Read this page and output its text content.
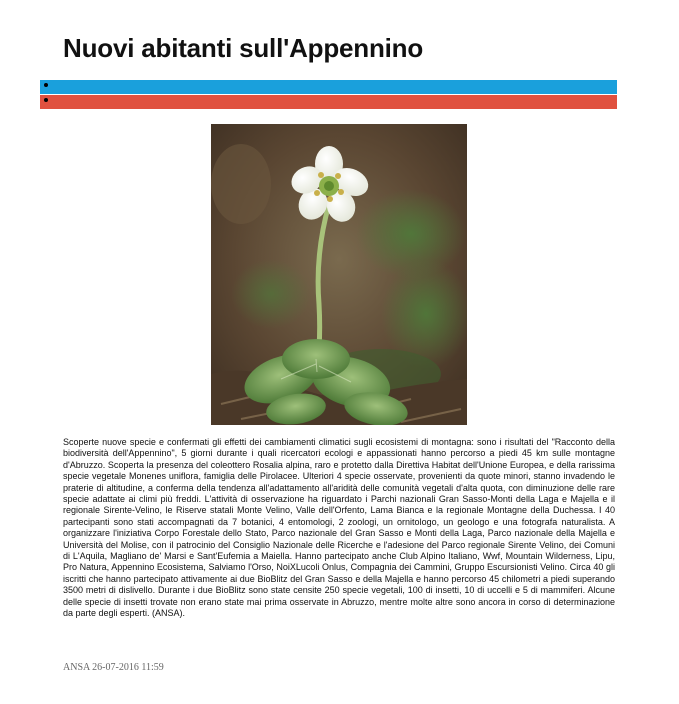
Nuovi abitanti sull'Appennino

Scoperte nuove specie e confermati gli effetti dei cambiamenti climatici sugli ecosistemi di montagna: sono i risultati del "Racconto della biodiversità dell'Appennino", 5 giorni durante i quali ricercatori ecologi e appassionati hanno percorso a piedi 45 km sulle montagne d'Abruzzo. Scoperta la presenza del coleottero Rosalia alpina, raro e protetto dalla Direttiva Habitat dell'Unione Europea, e della rarissima specie vegetale Monenes uniflora, famiglia delle Pirolacee. Ulteriori 4 specie osservate, provenienti da quote minori, stanno invadendo le praterie di altitudine, a conferma della tendenza all'adattamento all'aridità delle comunità vegetali d'alta quota, con diminuzione delle rare specie adattate ai climi più freddi. L'attività di osservazione ha riguardato i Parchi nazionali Gran Sasso-Monti della Laga e Majella e il regionale Sirente-Velino, le Riserve statali Monte Velino, Valle dell'Orfento, Lama Bianca e la regionale Montagne della Duchessa. I 40 partecipanti sono stati accompagnati da 7 botanici, 4 entomologi, 2 zoologi, un ornitologo, un geologo e una fotografa naturalista. A organizzare l'iniziativa Corpo Forestale dello Stato, Parco nazionale del Gran Sasso e Monti della Laga, Parco nazionale della Majella e Università del Molise, con il patrocinio del Consiglio Nazionale delle Ricerche e l'adesione del Parco regionale Sirente Velino, dei Comuni di L'Aquila, Magliano de' Marsi e Sant'Eufemia a Maiella. Hanno partecipato anche Club Alpino Italiano, Wwf, Mountain Wilderness, Lipu, Pro Natura, Appennino Ecosistema, Salviamo l'Orso, NoiXLucoli Onlus, Compagnia dei Cammini, Gruppo Escursionisti Velino. Circa 40 gli iscritti che hanno partecipato attivamente ai due BioBlitz del Gran Sasso e della Majella e hanno percorso 45 chilometri a piedi superando 3500 metri di dislivello. Durante i due BioBlitz sono state censite 250 specie vegetali, 100 di insetti, 10 di uccelli e 5 di mammiferi. Alcune delle specie di insetti trovate non erano state mai prima osservate in Abruzzo, mentre molte altre sono ancora in corso di determinazione da parte degli esperti. (ANSA).

ANSA 26-07-2016 11:59
